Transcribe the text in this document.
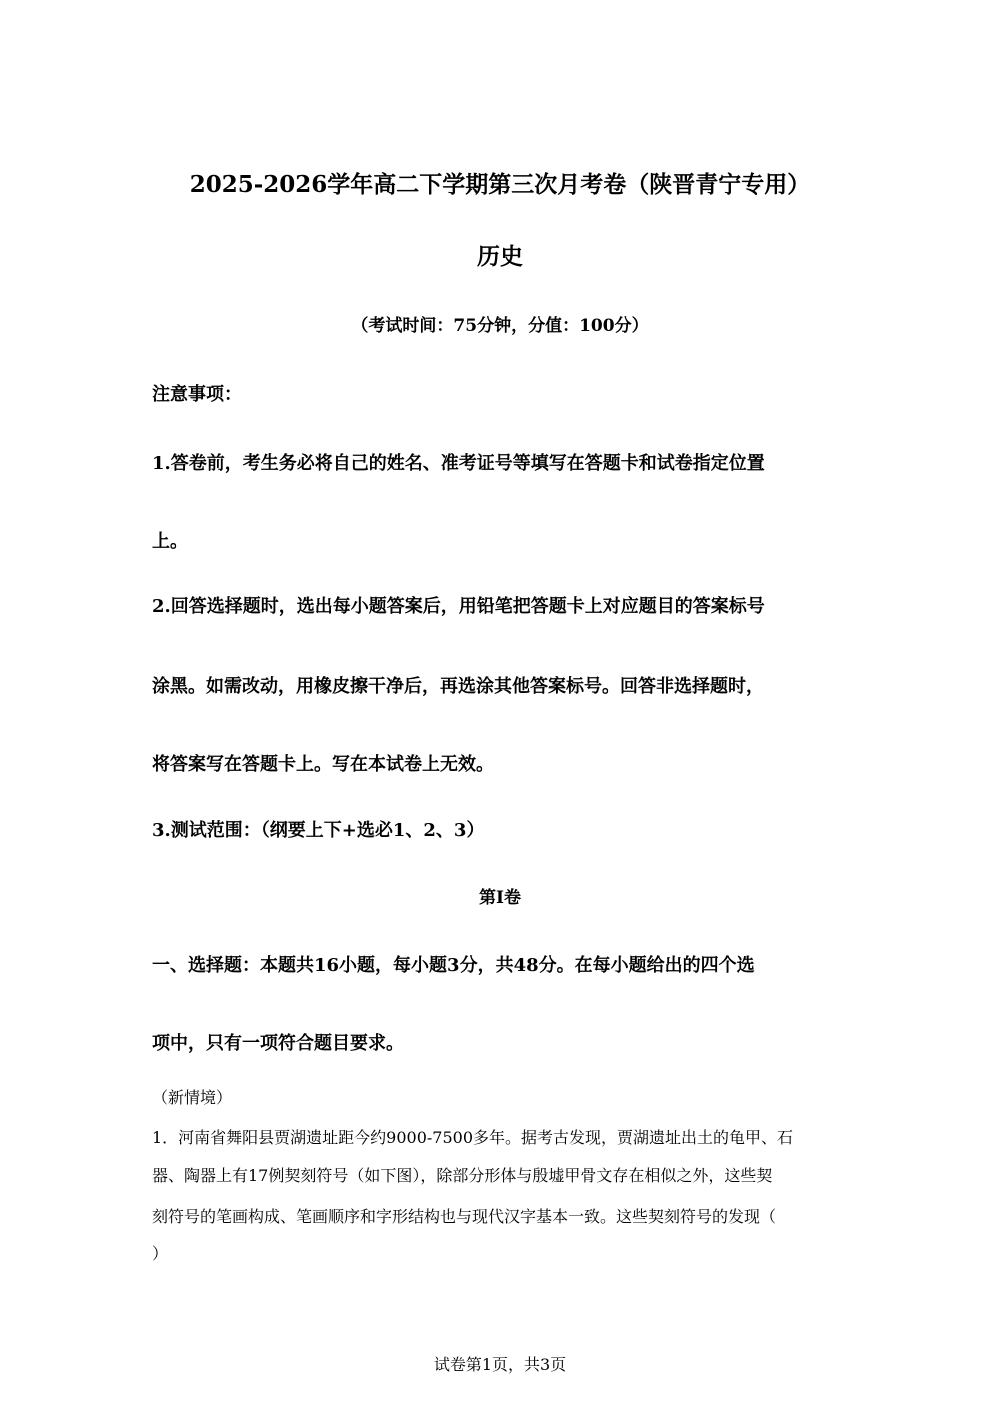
2025-2026学年高二下学期第三次月考卷（陕晋青宁专用）
历史
（考试时间：75分钟，分值：100分）
注意事项：
1.答卷前，考生务必将自己的姓名、准考证号等填写在答题卡和试卷指定位置
上。
2.回答选择题时，选出每小题答案后，用铅笔把答题卡上对应题目的答案标号
涂黑。如需改动，用橡皮擦干净后，再选涂其他答案标号。回答非选择题时，
将答案写在答题卡上。写在本试卷上无效。
3.测试范围：（纲要上下+选必1、2、3）
第Ⅰ卷
一、选择题：本题共16小题，每小题3分，共48分。在每小题给出的四个选
项中，只有一项符合题目要求。
（新情境）
1．河南省舞阳县贾湖遗址距今约9000-7500多年。据考古发现，贾湖遗址出土的龟甲、石
器、陶器上有17例契刻符号（如下图），除部分形体与殷墟甲骨文存在相似之外，这些契
刻符号的笔画构成、笔画顺序和字形结构也与现代汉字基本一致。这些契刻符号的发现（
）
试卷第1页，共3页
